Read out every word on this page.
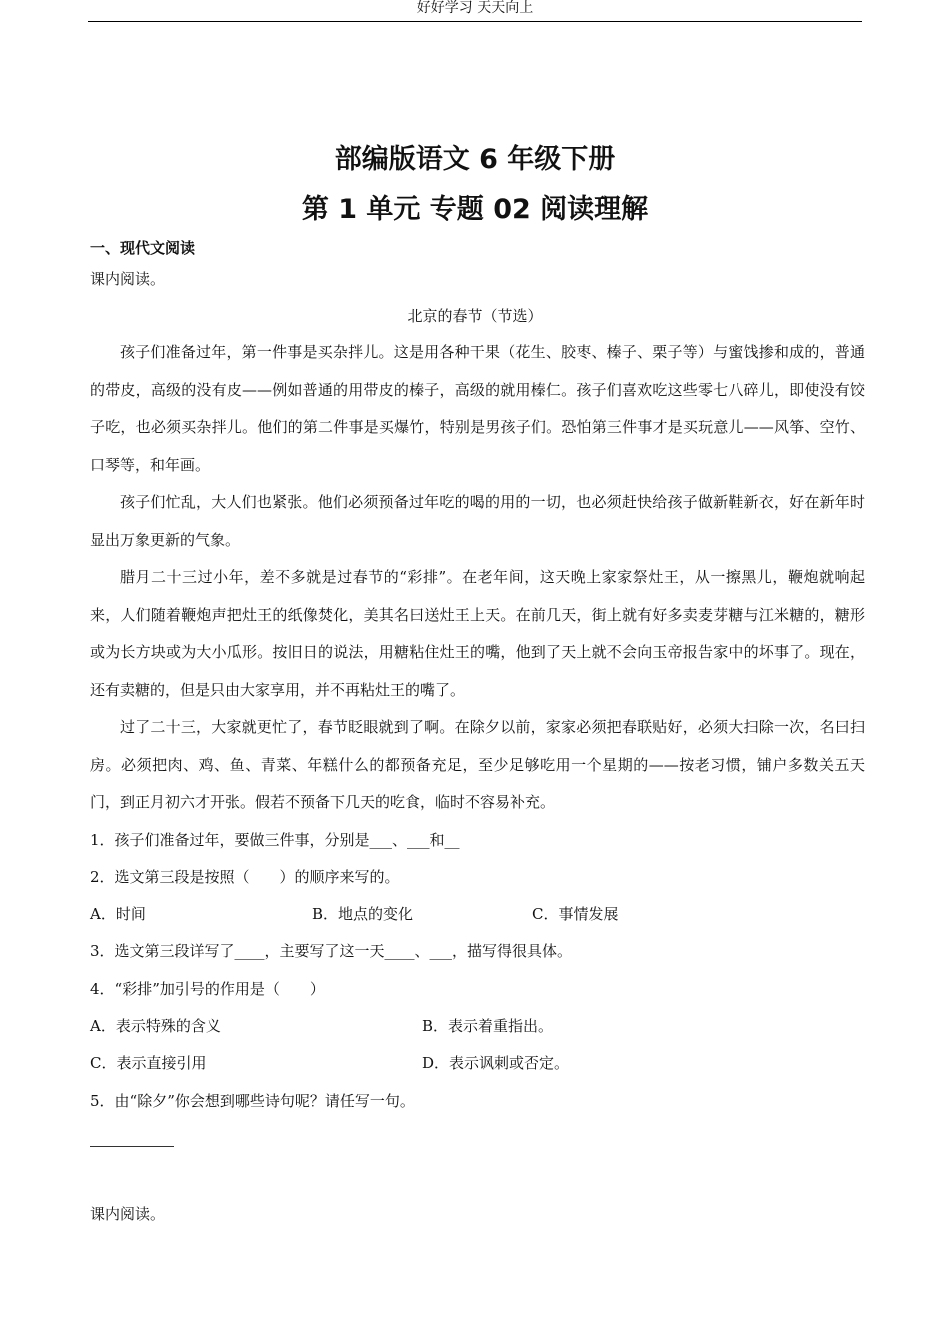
好好学习 天天向上
部编版语文 6 年级下册
第 1 单元 专题 02 阅读理解
一、现代文阅读
课内阅读。
北京的春节（节选）

孩子们准备过年，第一件事是买杂拌儿。这是用各种干果（花生、胶枣、榛子、栗子等）与蜜饯掺和成的，普通的带皮，高级的没有皮——例如普通的用带皮的榛子，高级的就用榛仁。孩子们喜欢吃这些零七八碎儿，即使没有饺子吃，也必须买杂拌儿。他们的第二件事是买爆竹，特别是男孩子们。恐怕第三件事才是买玩意儿——风筝、空竹、口琴等，和年画。

孩子们忙乱，大人们也紧张。他们必须预备过年吃的喝的用的一切，也必须赶快给孩子做新鞋新衣，好在新年时显出万象更新的气象。

腊月二十三过小年，差不多就是过春节的“彩排”。在老年间，这天晚上家家祭灶王，从一擦黑儿，鞭炮就响起来，人们随着鞭炮声把灶王的纸像焚化，美其名曰送灶王上天。在前几天，街上就有好多卖麦芽糖与江米糖的，糖形或为长方块或为大小瓜形。按旧日的说法，用糖粘住灶王的嘴，他到了天上就不会向玉帝报告家中的坏事了。现在，还有卖糖的，但是只由大家享用，并不再粘灶王的嘴了。

过了二十三，大家就更忙了，春节眨眼就到了啊。在除夕以前，家家必须把春联贴好，必须大扫除一次，名曰扫房。必须把肉、鸡、鱼、青菜、年糕什么的都预备充足，至少足够吃用一个星期的——按老习惯，铺户多数关五天门，到正月初六才开张。假若不预备下几天的吃食，临时不容易补充。

1．孩子们准备过年，要做三件事，分别是___、___和__
2．选文第三段是按照（　　）的顺序来写的。
A．时间	B．地点的变化	C．事情发展
3．选文第三段详写了____，主要写了这一天____、___，描写得很具体。
4．“彩排”加引号的作用是（　　）
A．表示特殊的含义	B．表示着重指出。
C．表示直接引用	D．表示讽刺或否定。
5．由“除夕”你会想到哪些诗句呢？请任写一句。
课内阅读。
